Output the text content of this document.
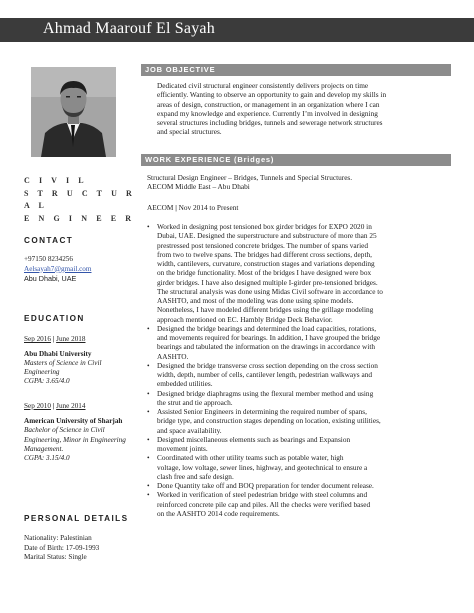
Ahmad Maarouf El Sayah
C I V I L
S T R U C T U R A L
E N G I N E E R
CONTACT
+97150 8234256
Aelsayah7@gmail.com
Abu Dhabi, UAE
EDUCATION
Sep 2016 | June 2018
Abu Dhabi University
Masters of Science in Civil
Engineering
CGPA: 3.65/4.0
Sep 2010 | June 2014
American University of Sharjah
Bachelor of Science in Civil
Engineering, Minor in Engineering
Management.
CGPA: 3.15/4.0
PERSONAL DETAILS
Nationality: Palestinian
Date of Birth: 17-09-1993
Marital Status: Single
JOB OBJECTIVE
Dedicated civil structural engineer consistently delivers projects on time
efficiently. Wanting to observe an opportunity to gain and develop my skills in
areas of design, construction, or management in an organization where I can
expand my knowledge and experience. Currently I’m involved in designing
several structures including bridges, tunnels and sewerage network structures
and special structures.
WORK EXPERIENCE (Bridges)
Structural Design Engineer – Bridges, Tunnels and Special Structures.
AECOM Middle East – Abu Dhabi
AECOM | Nov 2014 to Present
• Worked in designing post tensioned box girder bridges for EXPO 2020 in
Dubai, UAE. Designed the superstructure and substructure of more than 25
prestressed post tensioned concrete bridges. The number of spans varied
from two to twelve spans. The bridges had different cross sections, depth,
width, cantilevers, curvature, construction stages and variations depending
on the bridge functionality. Most of the bridges I have designed were box
girder bridges. I have also designed multiple I-girder pre-tensioned bridges.
The structural analysis was done using Midas Civil software in accordance to
AASHTO, and most of the modeling was done using spine models.
Nonetheless, I have modeled different bridges using the grillage modeling
approach mentioned on EC. Hambly Bridge Deck Behavior.
• Designed the bridge bearings and determined the load capacities, rotations,
and movements required for bearings. In addition, I have grouped the bridge
bearings and tabulated the information on the drawings in accordance with
AASHTO.
• Designed the bridge transverse cross section depending on the cross section
width, depth, number of cells, cantilever length, pedestrian walkways and
embedded utilities.
• Designed bridge diaphragms using the flexural member method and using
the strut and tie approach.
• Assisted Senior Engineers in determining the required number of spans,
bridge type, and construction stages depending on location, existing utilities,
and space availability.
• Designed miscellaneous elements such as bearings and Expansion
movement joints.
• Coordinated with other utility teams such as potable water, high
voltage, low voltage, sewer lines, highway, and geotechnical to ensure a
clash free and safe design.
• Done Quantity take off and BOQ preparation for tender document release.
• Worked in verification of steel pedestrian bridge with steel columns and
reinforced concrete pile cap and piles. All the checks were verified based
on the AASHTO 2014 code requirements.
